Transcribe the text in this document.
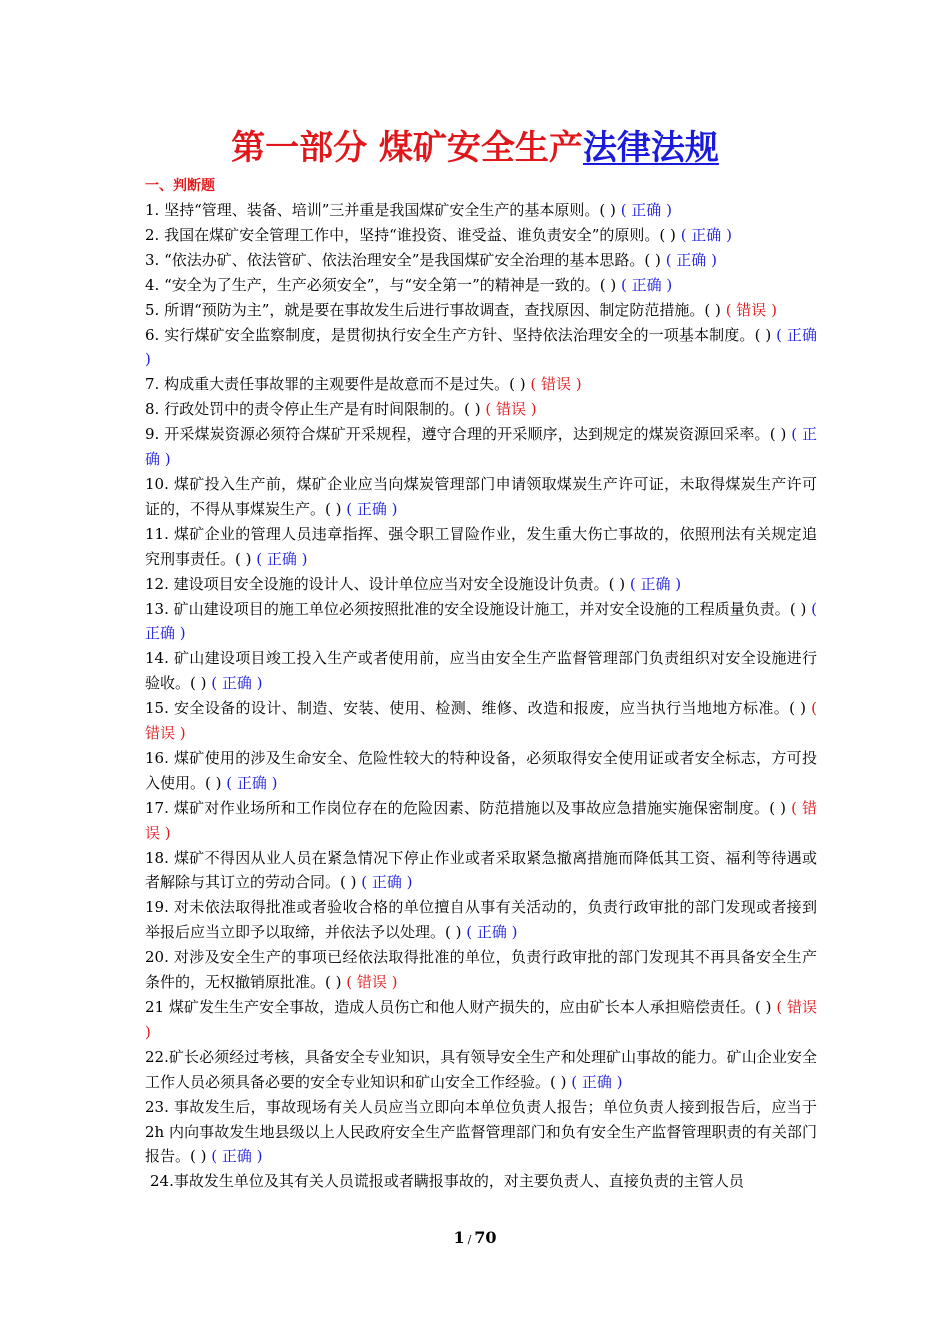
第一部分 煤矿安全生产法律法规
一、判断题

1. 坚持“管理、装备、培训”三并重是我国煤矿安全生产的基本原则。( ) ( 正确 )

2. 我国在煤矿安全管理工作中，坚持“谁投资、谁受益、谁负责安全”的原则。( ) ( 正确 )

3. “依法办矿、依法管矿、依法治理安全”是我国煤矿安全治理的基本思路。( ) ( 正确 )

4. “安全为了生产，生产必须安全”，与“安全第一”的精神是一致的。( ) ( 正确 )

5. 所谓“预防为主”，就是要在事故发生后进行事故调查，查找原因、制定防范措施。( ) ( 错误 )

6. 实行煤矿安全监察制度，是贯彻执行安全生产方针、坚持依法治理安全的一项基本制度。( ) ( 正确 )

7. 构成重大责任事故罪的主观要件是故意而不是过失。( ) ( 错误 )

8. 行政处罚中的责令停止生产是有时间限制的。( ) ( 错误 )

9. 开采煤炭资源必须符合煤矿开采规程，遵守合理的开采顺序，达到规定的煤炭资源回采率。( ) ( 正确 )

10. 煤矿投入生产前，煤矿企业应当向煤炭管理部门申请领取煤炭生产许可证，未取得煤炭生产许可证的，不得从事煤炭生产。( ) ( 正确 )

11. 煤矿企业的管理人员违章指挥、强令职工冒险作业，发生重大伤亡事故的，依照刑法有关规定追究刑事责任。( ) ( 正确 )

12. 建设项目安全设施的设计人、设计单位应当对安全设施设计负责。( ) ( 正确 )

13. 矿山建设项目的施工单位必须按照批准的安全设施设计施工，并对安全设施的工程质量负责。( ) ( 正确 )

14. 矿山建设项目竣工投入生产或者使用前，应当由安全生产监督管理部门负责组织对安全设施进行验收。( ) ( 正确 )

15. 安全设备的设计、制造、安装、使用、检测、维修、改造和报废，应当执行当地地方标准。( ) ( 错误 )

16. 煤矿使用的涉及生命安全、危险性较大的特种设备，必须取得安全使用证或者安全标志，方可投入使用。( ) ( 正确 )

17. 煤矿对作业场所和工作岗位存在的危险因素、防范措施以及事故应急措施实施保密制度。( ) ( 错误 )

18. 煤矿不得因从业人员在紧急情况下停止作业或者采取紧急撤离措施而降低其工资、福利等待遇或者解除与其订立的劳动合同。( ) ( 正确 )

19. 对未依法取得批准或者验收合格的单位擅自从事有关活动的，负责行政审批的部门发现或者接到举报后应当立即予以取缔，并依法予以处理。( ) ( 正确 )

20. 对涉及安全生产的事项已经依法取得批准的单位，负责行政审批的部门发现其不再具备安全生产条件的，无权撤销原批准。( ) ( 错误 )

21 煤矿发生生产安全事故，造成人员伤亡和他人财产损失的，应由矿长本人承担赔偿责任。( ) ( 错误 )

22.矿长必须经过考核，具备安全专业知识，具有领导安全生产和处理矿山事故的能力。矿山企业安全工作人员必须具备必要的安全专业知识和矿山安全工作经验。( ) ( 正确 )

23. 事故发生后，事故现场有关人员应当立即向本单位负责人报告；单位负责人接到报告后，应当于 2h 内向事故发生地县级以上人民政府安全生产监督管理部门和负有安全生产监督管理职责的有关部门报告。( ) ( 正确 )

24.事故发生单位及其有关人员谎报或者瞒报事故的，对主要负责人、直接负责的主管人员

1 / 70
